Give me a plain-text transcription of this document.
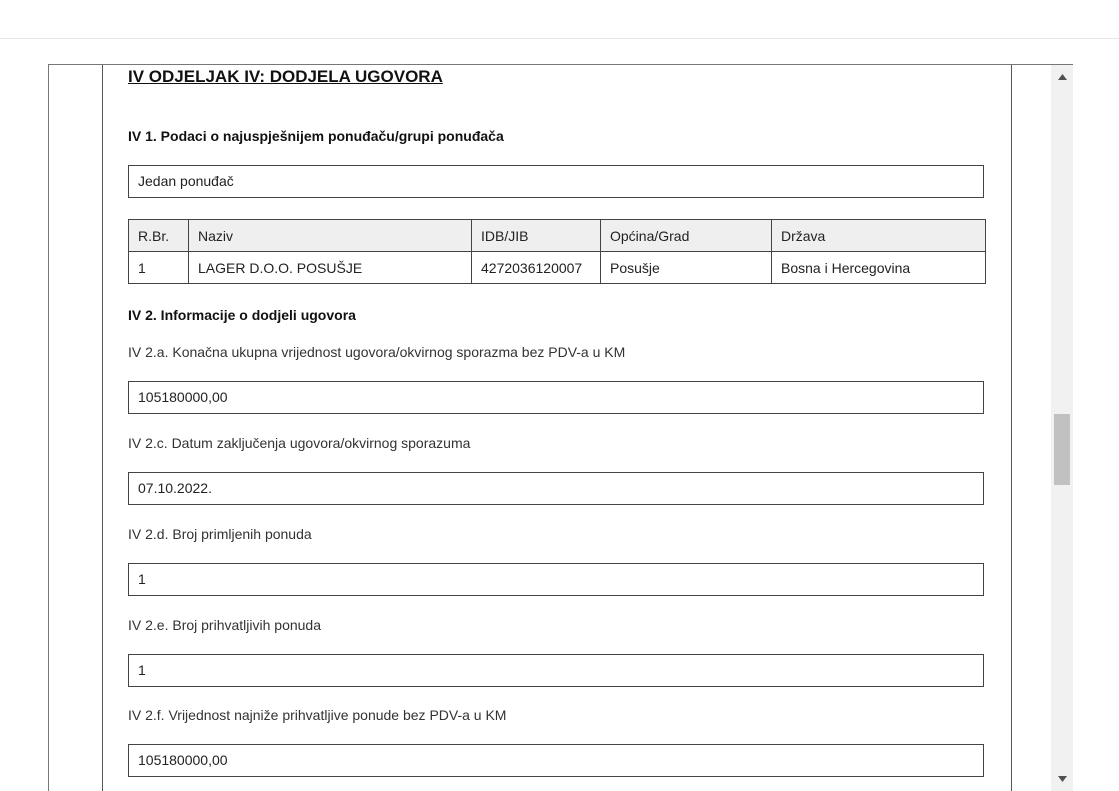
IV ODJELJAK IV: DODJELA UGOVORA
IV 1. Podaci o najuspješnijem ponuđaču/grupi ponuđača
Jedan ponuđač
R.Br.	Naziv	IDB/JIB	Općina/Grad	Država
1	LAGER D.O.O. POSUŠJE	4272036120007	Posušje	Bosna i Hercegovina
IV 2. Informacije o dodjeli ugovora
IV 2.a. Konačna ukupna vrijednost ugovora/okvirnog sporazma bez PDV-a u KM
105180000,00
IV 2.c. Datum zaključenja ugovora/okvirnog sporazuma
07.10.2022.
IV 2.d. Broj primljenih ponuda
1
IV 2.e. Broj prihvatljivih ponuda
1
IV 2.f. Vrijednost najniže prihvatljive ponude bez PDV-a u KM
105180000,00
